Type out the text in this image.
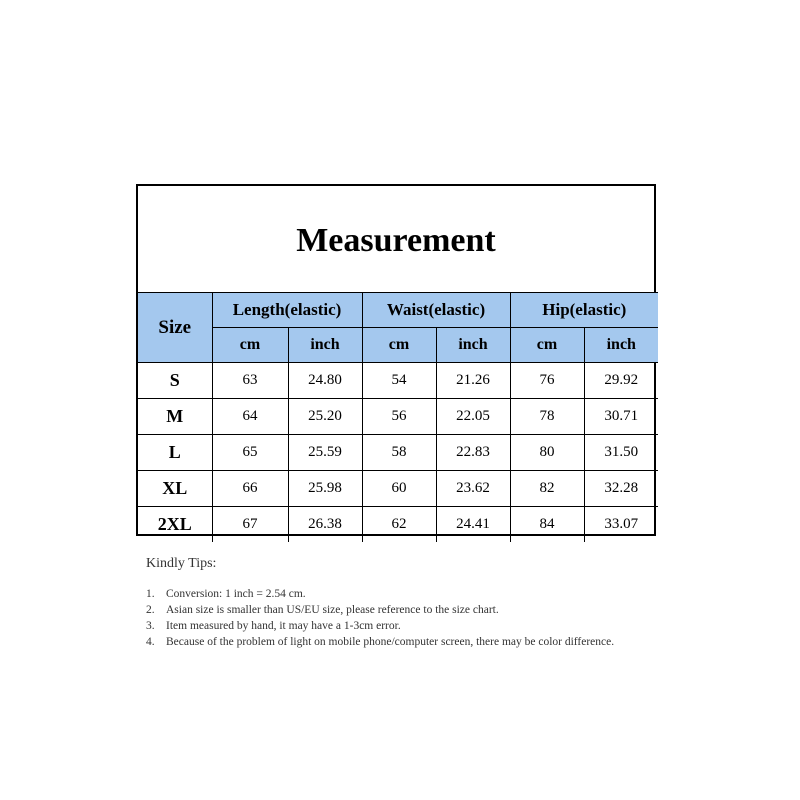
Measurement
Size	Length(elastic)		Waist(elastic)		Hip(elastic)	
	cm	inch	cm	inch	cm	inch
S	63	24.80	54	21.26	76	29.92
M	64	25.20	56	22.05	78	30.71
L	65	25.59	58	22.83	80	31.50
XL	66	25.98	60	23.62	82	32.28
2XL	67	26.38	62	24.41	84	33.07
Kindly Tips:
1. Conversion: 1 inch = 2.54 cm.
2. Asian size is smaller than US/EU size, please reference to the size chart.
3. Item measured by hand, it may have a 1-3cm error.
4. Because of the problem of light on mobile phone/computer screen, there may be color difference.
